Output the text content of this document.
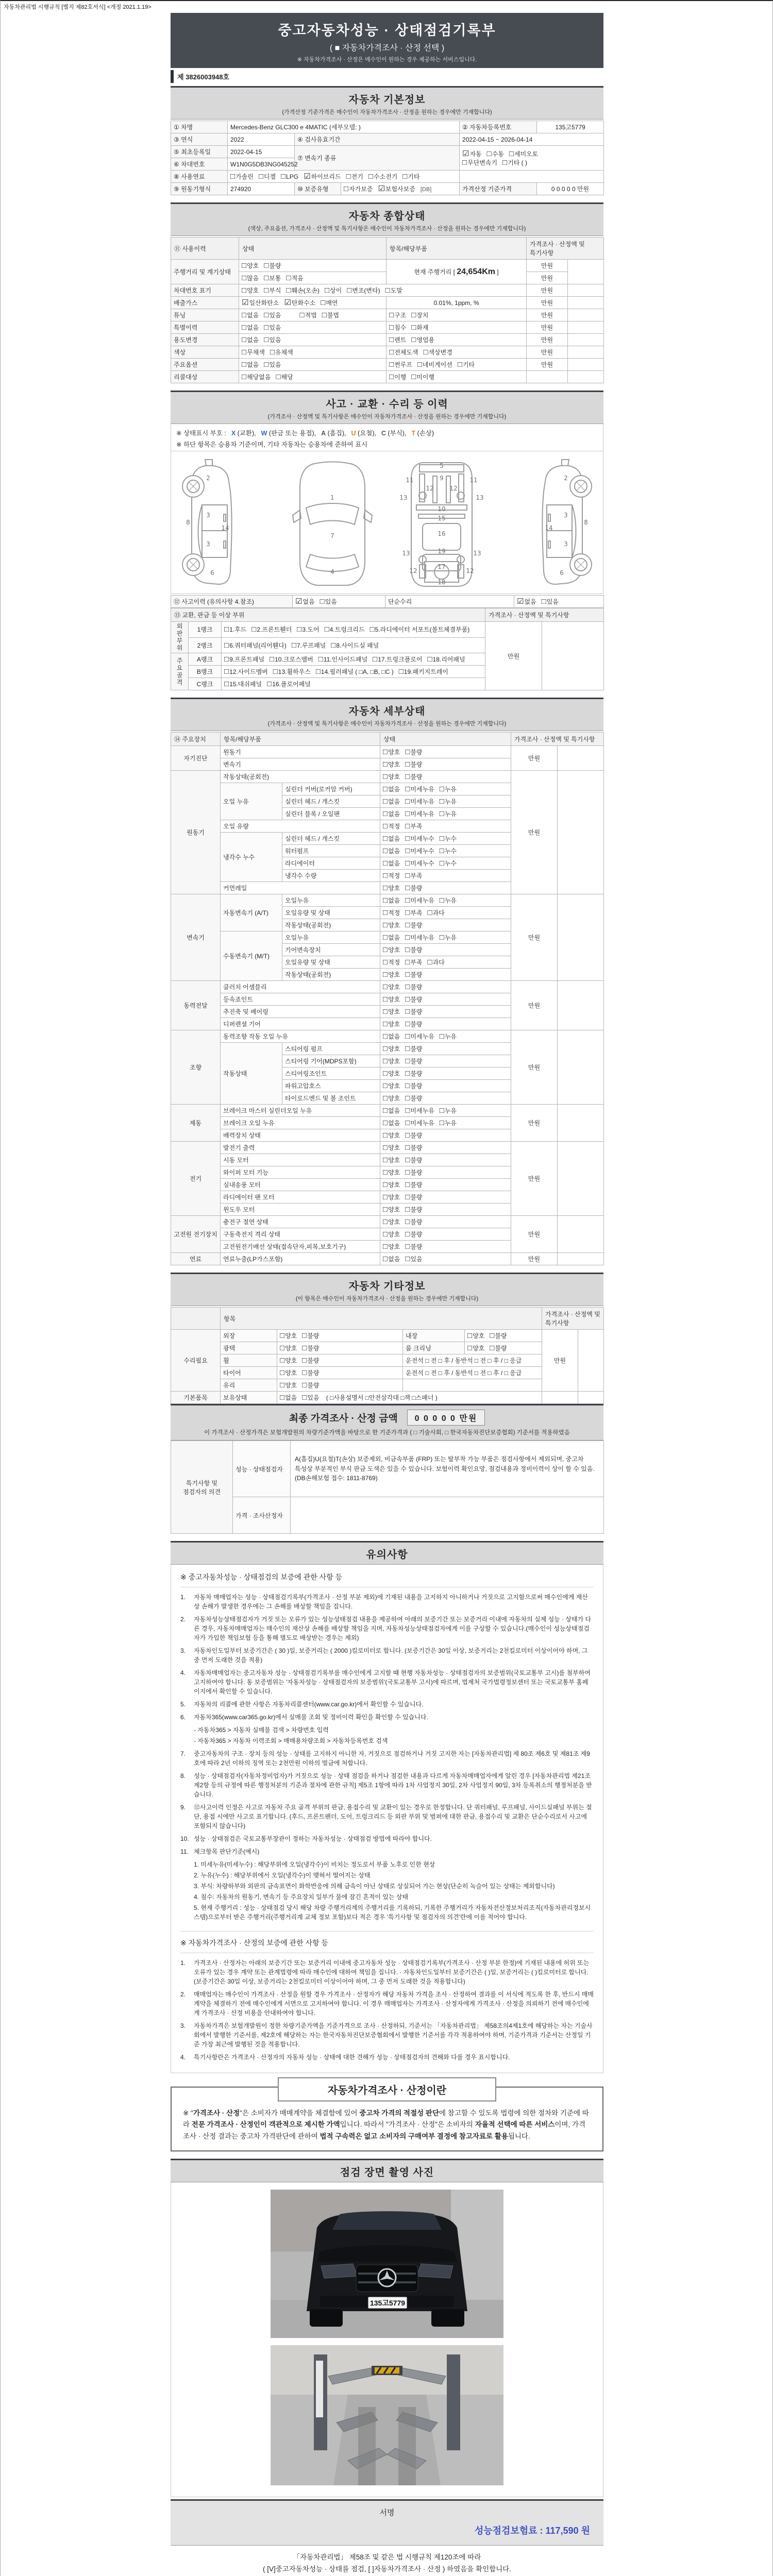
자동차관리법 시행규칙 [별지 제82호서식] <개정 2021.1.19>
중고자동차성능 · 상태점검기록부
( ■ 자동차가격조사 · 산정 선택 )
※ 자동차가격조사 · 산정은 매수인이 원하는 경우 제공하는 서비스입니다.
제 3826003948호
자동차 기본정보
(가격산정 기준가격은 매수인이 자동차가격조사 · 산정을 원하는 경우에만 기재합니다)
① 차명	Mercedes-Benz GLC300 e 4MATIC (세부모델: )			② 자동차등록번호	135고5779
③ 연식	2022	④ 검사유효기간		2022-04-15 ~ 2026-04-14	
⑤ 최초등록일	2022-04-15	⑦ 변속기 종류		☑자동 □수동 □세미오토
□무단변속기 □기타 ( )	
⑥ 차대번호	W1N0G5DB3NG045252				
⑧ 사용연료	□가솔린 □디젤 □LPG ☑하이브리드 □전기 □수소전기 □기타				
⑨ 원동기형식	274920	⑩ 보증유형	□자가보증 ☑보험사보증 [DB]	가격산정 기준가격	0 0 0 0 0 만원
자동차 종합상태
(색상, 주요옵션, 가격조사 · 산정액 및 특기사항은 매수인이 자동차가격조사 · 산정을 원하는 경우에만 기재합니다)
⑪ 사용이력	상태	항목/해당부품	가격조사 · 산정액 및 특기사항	
주행거리 및 계기상태	□양호 □불량	현재 주행거리 [ 24,654Km ]	만원	
	□많음 □보통 □적음		만원	
차대번호 표기	□양호 □부식 □훼손(오손) □상이 □변조(변타) □도말		만원	
배출가스	☑일산화탄소 ☑탄화수소 □매연	0.01%, 1ppm, %	만원	
튜닝	□없음 □있음 □적법 □불법	□구조 □장치	만원	
특별이력	□없음 □있음	□침수 □화재	만원	
용도변경	□없음 □있음	□렌트 □영업용	만원	
색상	□무채색 □유채색	□전체도색 □색상변경	만원	
주요옵션	□없음 □있음	□썬루프 □네비게이션 □기타	만원	
리콜대상	□해당없음 □해당	□이행 □미이행		
사고 · 교환 · 수리 등 이력
(가격조사 · 산정액 및 특기사항은 매수인이 자동차가격조사 · 산정을 원하는 경우에만 기재합니다)
※ 상태표시 부호 : X (교환), W (판금 또는 용접), A (흠집), U (요철), C (부식), T (손상)
※ 하단 항목은 승용차 기준이며, 기타 자동차는 승용차에 준하여 표시
2
8
3
14
3
6
1
7
4
5
11	9	11
12	12
13	13
10
15
16
13	19	13
17
12	12
18
2
8
3
14
3
6
⑫ 사고이력 (유의사항 4.참조)	☑없음 □있음	단순수리	☑없음 □있음
⑬ 교환, 판금 등 이상 부위			가격조사 · 산정액 및 특기사항	
외판부위	1랭크	□1.후드 □2.프론트휀더 □3.도어 □4.트렁크리드 □5.라디에이터 서포트(볼트체결부품)	만원	
	2랭크	□6.쿼터패널(리어휀다) □7.루프패널 □8.사이드실 패널		
주요골격	A랭크	□9.프론트패널 □10.크로스멤버 □11.인사이드패널 □17.트렁크플로어 □18.리어패널		
	B랭크	□12.사이드멤버 □13.휠하우스 □14.필러패널 ( □A, □B, □C ) □19.패키지트레이		
	C랭크	□15.대쉬패널 □16.플로어패널		
자동차 세부상태
(가격조사 · 산정액 및 특기사항은 매수인이 자동차가격조사 · 산정을 원하는 경우에만 기재합니다)
⑭ 주요장치	항목/해당부품		상태	가격조사 · 산정액 및 특기사항	
자기진단	원동기		□양호 □불량	만원	
	변속기		□양호 □불량		
원동기	작동상태(공회전)		□양호 □불량	만원	
	오일 누유	실린더 커버(로커암 커버)	□없음 □미세누유 □누유		
		실린더 헤드 / 개스킷	□없음 □미세누유 □누유		
		실린더 블록 / 오일팬	□없음 □미세누유 □누유		
	오일 유량		□적정 □부족		
	냉각수 누수	실린더 헤드 / 개스킷	□없음 □미세누수 □누수		
		워터펌프	□없음 □미세누수 □누수		
		라디에이터	□없음 □미세누수 □누수		
		냉각수 수량	□적정 □부족		
	커먼레일		□양호 □불량		
변속기	자동변속기 (A/T)	오일누유	□없음 □미세누유 □누유	만원	
		오일유량 및 상태	□적정 □부족 □과다		
		작동상태(공회전)	□양호 □불량		
	수동변속기 (M/T)	오일누유	□없음 □미세누유 □누유		
		기어변속장치	□양호 □불량		
		오일유량 및 상태	□적정 □부족 □과다		
		작동상태(공회전)	□양호 □불량		
동력전달	클러치 어셈블리		□양호 □불량	만원	
	등속죠인트		□양호 □불량		
	추진축 및 베어링		□양호 □불량		
	디퍼렌셜 기어		□양호 □불량		
조향	동력조향 작동 오일 누유		□없음 □미세누유 □누유	만원	
	작동상태	스티어링 펌프	□양호 □불량		
		스티어링 기어(MDPS포함)	□양호 □불량		
		스티어링조인트	□양호 □불량		
		파워고압호스	□양호 □불량		
		타이로드엔드 및 볼 조인트	□양호 □불량		
제동	브레이크 마스터 실린더오일 누유		□없음 □미세누유 □누유	만원	
	브레이크 오일 누유		□없음 □미세누유 □누유		
	배력장치 상태		□양호 □불량		
전기	발전기 출력		□양호 □불량	만원	
	시동 모터		□양호 □불량		
	와이퍼 모터 기능		□양호 □불량		
	실내송풍 모터		□양호 □불량		
	라디에이터 팬 모터		□양호 □불량		
	윈도우 모터		□양호 □불량		
고전원 전기장치	충전구 절연 상태		□양호 □불량	만원	
	구동축전지 격리 상태		□양호 □불량		
	고전원전기배선 상태(접속단자,피복,보호기구)		□양호 □불량		
연료	연료누출(LP가스포함)		□없음 □있음	만원	
자동차 기타정보
(이 항목은 매수인이 자동차가격조사 · 산정을 원하는 경우에만 기재합니다)
	항목				가격조사 · 산정액 및 특기사항	
수리필요	외장	□양호 □불량	내장	□양호 □불량	만원	
	광택	□양호 □불량	룸 크리닝	□양호 □불량		
	휠	□양호 □불량	운전석 □ 전 □ 후 / 동반석 □ 전 □ 후 / □ 응급			
	타이어	□양호 □불량	운전석 □ 전 □ 후 / 동반석 □ 전 □ 후 / □ 응급			
	유리	□양호 □불량				
기본품목	보유상태	□없음 □있음 ( □사용설명서 □안전삼각대 □잭 □스패너 )				
최종 가격조사 · 산정 금액	0 0 0 0 0 만원
이 가격조사 · 산정가격은 보험개발원의 차량기준가액을 바탕으로 한 기준가격과 ( □ 기술사회, □ 한국자동차진단보증협회) 기준서를 적용하였음
특기사항 및 점검자의 의견	성능 · 상태점검자	A(흠집)U(요철)T(손상) 보증제외, 비금속부품 (FRP) 또는 탈부착 가능 부품은 점검사항에서 제외되며, 중고차 특성상 부분적인 부식 판금 도색은 있을 수 있습니다. 보험이력 확인요망, 점검내용과 정비이력이 상이 할 수 있음. (DB손해보험 접수: 1811-8769)
	가격 · 조사산정자	
유의사항
※ 중고자동차성능 · 상태점검의 보증에 관한 사항 등
1.	자동차 매매업자는 성능 · 상태점검기록부(가격조사 · 산정 부분 제외)에 기재된 내용을 고지하지 아니하거나 거짓으로 고지함으로써 매수인에게 재산상 손해가 발생한 경우에는 그 손해를 배상할 책임을 집니다.
2.	자동차성능상태점검자가 거짓 또는 오류가 있는 성능상태점검 내용을 제공하여 아래의 보증기간 또는 보증거리 이내에 자동차의 실제 성능 · 상태가 다른 경우, 자동차매매업자는 매수인의 재산상 손해를 배상할 책임을 지며, 자동차성능상태점검자에게 이를 구상할 수 있습니다.(매수인이 성능상태점검자가 가입한 책임보험 등을 통해 별도로 배상받는 경우는 제외)
3.	자동차인도일부터 보증기간은 ( 30 )일, 보증거리는 ( 2000 )킬로미터로 합니다. (보증기간은 30일 이상, 보증거리는 2천킬로미터 이상이어야 하며, 그 중 먼저 도래한 것을 적용)
4.	자동차매매업자는 중고자동차 성능 · 상태점검기록부를 매수인에게 고지할 때 현행 자동차성능 · 상태점검자의 보증범위(국토교통부 고시)를 첨부하여 고지하여야 합니다. 동 보증범위는 '자동차성능 · 상태점검자의 보증범위'(국토교통부 고시)에 따르며, 법제처 국가법령정보센터 또는 국토교통부 홈페이지에서 확인할 수 있습니다.
5.	자동차의 리콜에 관한 사항은 자동차리콜센터(www.car.go.kr)에서 확인할 수 있습니다.
6.	자동차365(www.car365.go.kr)에서 실매물 조회 및 정비이력 확인을 확인할 수 있습니다.
- 자동차365 > 자동차 실매물 검색 > 차량번호 입력
- 자동차365 > 자동차 이력조회 > 매매용차량조회 > 자동차등록번호 검색
7.	중고자동차의 구조 · 장치 등의 성능 · 상태를 고지하지 아니한 자, 거짓으로 점검하거나 거짓 고지한 자는 [자동차관리법] 제 80조 제6호 및 제81조 제9호에 따라 2년 이하의 징역 또는 2천만원 이하의 벌금에 처합니다.
8.	성능 · 상태점검자(자동차정비업자)가 거짓으로 성능 · 상태 점검을 하거나 점검한 내용과 다르게 자동차매매업자에게 알린 경우 [자동차관리법 제21조 제2항 등의 규정에 따른 행정처분의 기준과 절차에 관한 규칙] 제5조 1항에 따라 1차 사업정지 30일, 2차 사업정지 90일, 3차 등록취소의 행정처분을 받습니다.
9.	⑫사고이력 인정은 사고로 자동차 주요 골격 부위의 판금, 용접수리 및 교환이 있는 경우로 한정합니다. 단 쿼터패널, 루프패널, 사이드실패널 부위는 절단, 용접 시에만 사고로 표기합니다. (후드, 프론트펜더, 도어, 트렁크리드 등 외판 부위 및 범퍼에 대한 판금, 용접수리 및 교환은 단순수리로서 사고에 포함되지 않습니다)
10. 성능 · 상태점검은 국토교통부장관이 정하는 자동차성능 · 상태점검 방법에 따라야 합니다.
11. 체크항목 판단기준(예시)
1. 미세누유(미세누수) : 해당부위에 오일(냉각수)이 비치는 정도로서 부품 노후로 인한 현상
2. 누유(누수) : 해당부위에서 오일(냉각수)이 맺혀서 떨어지는 상태
3. 부식: 차량하부와 외판의 금속표면이 화학반응에 의해 금속이 아닌 상태로 상실되어 가는 현상(단순히 녹슬어 있는 상태는 제외합니다)
4. 침수: 자동차의 원동기, 변속기 등 주요장치 일부가 물에 잠긴 흔적이 있는 상태
5. 현재 주행거리 : 성능 · 상태점검 당시 해당 차량 주행거리계의 주행거리를 기록하되, 기록한 주행거리가 자동차전산정보처리조직(자동차관리정보시스템)으로부터 받은 주행거리(주행거리계 교체 정보 포함)보다 적은 경우 '특기사항 및 점검자의 의견'란에 이를 적어야 합니다.
※ 자동차가격조사 · 산정의 보증에 관한 사항 등
1.	가격조사 · 산정자는 아래의 보증기간 또는 보증거리 이내에 중고자동차 성능 · 상태점검기록부(가격조사 · 산정 부분 한정)에 기재된 내용에 허위 또는 오류가 있는 경우 계약 또는 관계법령에 따라 매수인에 대하여 책임을 집니다. · 자동차인도일부터 보증기간은 ( )일, 보증거리는 ( )킬로미터로 합니다. (보증기간은 30일 이상, 보증거리는 2천킬로미터 이상이어야 하며, 그 중 먼저 도래한 것을 적용합니다)
2.	매매업자는 매수인이 가격조사 · 산정을 원할 경우 가격조사 · 산정자가 해당 자동차 가격을 조사 · 산정하여 결과를 이 서식에 적도록 한 후, 반드시 매매계약을 체결하기 전에 매수인에게 서면으로 고지하여야 합니다. 이 경우 매매업자는 가격조사 · 산정자에게 가격조사 · 산정을 의뢰하기 전에 매수인에게 가격조사 · 산정 비용을 안내하여야 합니다.
3.	자동차가격은 보험개발원이 정한 차량기준가액을 기준가격으로 조사 · 산정하되, 기준서는 「자동차관리법」 제58조의4제1호에 해당하는 자는 기술사회에서 발행한 기준서를, 제2호에 해당하는 자는 한국자동차진단보증협회에서 발행한 기준서를 각각 적용하여야 하며, 기준가격과 기준서는 산정일 기준 가장 최근에 발행된 것을 적용합니다.
4.	특기사항란은 가격조사 · 산정자의 자동차 성능 · 상태에 대한 견해가 성능 · 상태점검자의 견해와 다를 경우 표시합니다.
자동차가격조사 · 산정이란
※ "가격조사 · 산정"은 소비자가 매매계약을 체결함에 있어 중고차 가격의 적절성 판단에 참고할 수 있도록 법령에 의한 절차와 기준에 따라 전문 가격조사 · 산정인이 객관적으로 제시한 가액입니다. 따라서 "가격조사 · 산정"은 소비자의 자율적 선택에 따른 서비스이며, 가격조사 · 산정 결과는 중고차 가격판단에 관하여 법적 구속력은 없고 소비자의 구매여부 결정에 참고자료로 활용됩니다.
점검 장면 촬영 사진
135고5779
서명
성능점검보험료 : 117,590 원
「자동차관리법」 제58조 및 같은 법 시행규칙 제120조에 따라
( [V]중고자동차성능 · 상태를 점검, [ ]자동차가격조사 · 산정 ) 하였음을 확인합니다.
